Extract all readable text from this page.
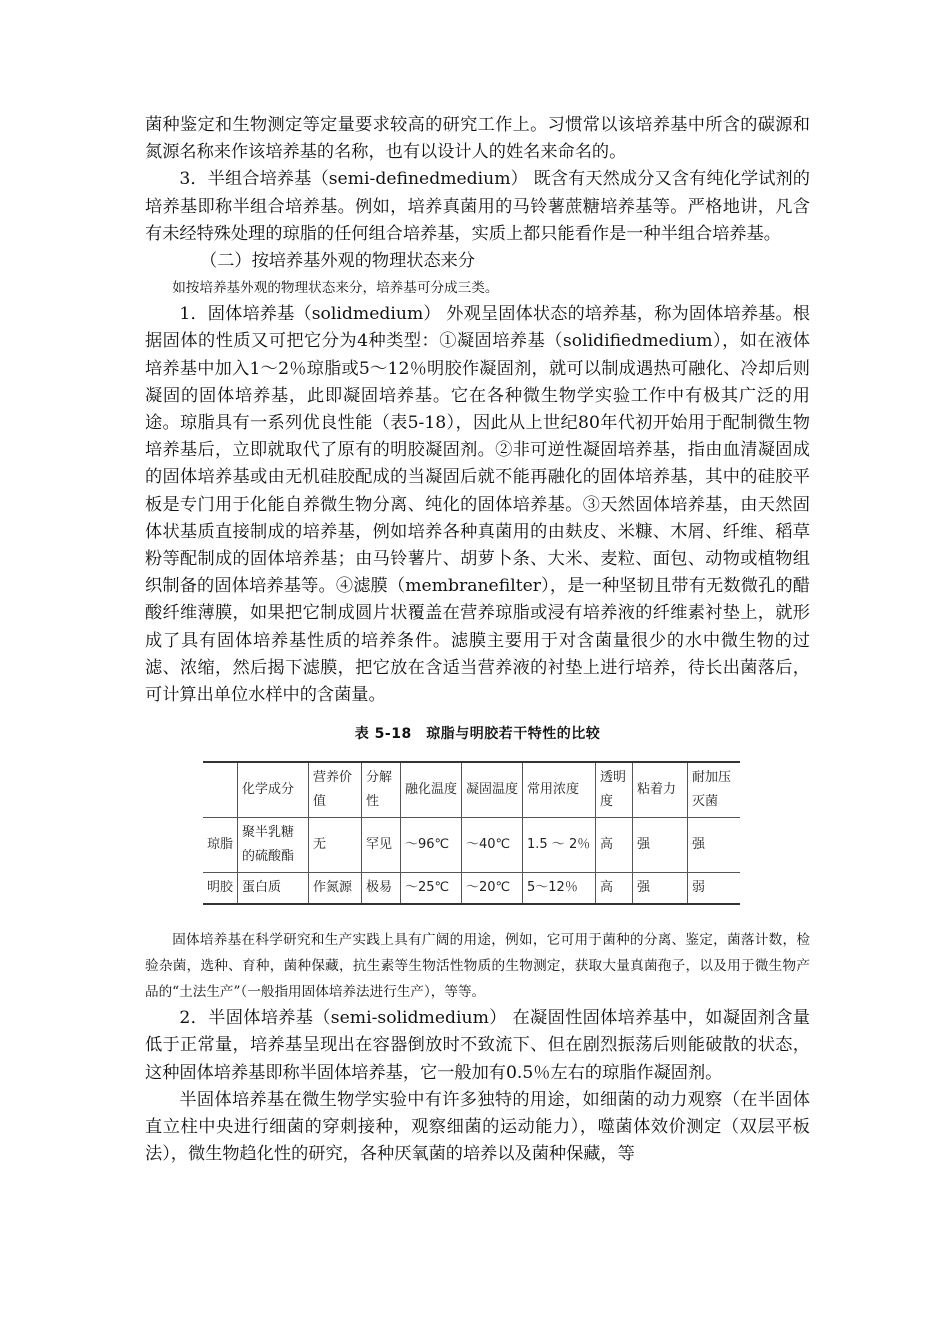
菌种鉴定和生物测定等定量要求较高的研究工作上。习惯常以该培养基中所含的碳源和氮源名称来作该培养基的名称，也有以设计人的姓名来命名的。

3．半组合培养基（semi-definedmedium） 既含有天然成分又含有纯化学试剂的培养基即称半组合培养基。例如，培养真菌用的马铃薯蔗糖培养基等。严格地讲，凡含有未经特殊处理的琼脂的任何组合培养基，实质上都只能看作是一种半组合培养基。

（二）按培养基外观的物理状态来分

如按培养基外观的物理状态来分，培养基可分成三类。

1．固体培养基（solidmedium） 外观呈固体状态的培养基，称为固体培养基。根据固体的性质又可把它分为4种类型：①凝固培养基（solidifiedmedium），如在液体培养基中加入1～2％琼脂或5～12％明胶作凝固剂，就可以制成遇热可融化、冷却后则凝固的固体培养基，此即凝固培养基。它在各种微生物学实验工作中有极其广泛的用途。琼脂具有一系列优良性能（表5-18），因此从上世纪80年代初开始用于配制微生物培养基后，立即就取代了原有的明胶凝固剂。②非可逆性凝固培养基，指由血清凝固成的固体培养基或由无机硅胶配成的当凝固后就不能再融化的固体培养基，其中的硅胶平板是专门用于化能自养微生物分离、纯化的固体培养基。③天然固体培养基，由天然固体状基质直接制成的培养基，例如培养各种真菌用的由麸皮、米糠、木屑、纤维、稻草粉等配制成的固体培养基；由马铃薯片、胡萝卜条、大米、麦粒、面包、动物或植物组织制备的固体培养基等。④滤膜（membranefilter），是一种坚韧且带有无数微孔的醋酸纤维薄膜，如果把它制成圆片状覆盖在营养琼脂或浸有培养液的纤维素衬垫上，就形成了具有固体培养基性质的培养条件。滤膜主要用于对含菌量很少的水中微生物的过滤、浓缩，然后揭下滤膜，把它放在含适当营养液的衬垫上进行培养，待长出菌落后，可计算出单位水样中的含菌量。

表 5-18　琼脂与明胶若干特性的比较
	化学成分	营养价值	分解性	融化温度	凝固温度	常用浓度	透明度	粘着力	耐加压灭菌
琼脂	聚半乳糖的硫酸酯	无	罕见	～96℃	～40℃	1.5 ～ 2％	高	强	强
明胶	蛋白质	作氮源	极易	～25℃	～20℃	5～12％	高	强	弱

固体培养基在科学研究和生产实践上具有广阔的用途，例如，它可用于菌种的分离、鉴定，菌落计数，检验杂菌，选种、育种，菌种保藏，抗生素等生物活性物质的生物测定，获取大量真菌孢子，以及用于微生物产品的“土法生产”（一般指用固体培养法进行生产），等等。

2．半固体培养基（semi-solidmedium） 在凝固性固体培养基中，如凝固剂含量低于正常量，培养基呈现出在容器倒放时不致流下、但在剧烈振荡后则能破散的状态，这种固体培养基即称半固体培养基，它一般加有0.5％左右的琼脂作凝固剂。

半固体培养基在微生物学实验中有许多独特的用途，如细菌的动力观察（在半固体直立柱中央进行细菌的穿刺接种，观察细菌的运动能力），噬菌体效价测定（双层平板法），微生物趋化性的研究，各种厌氧菌的培养以及菌种保藏，等
